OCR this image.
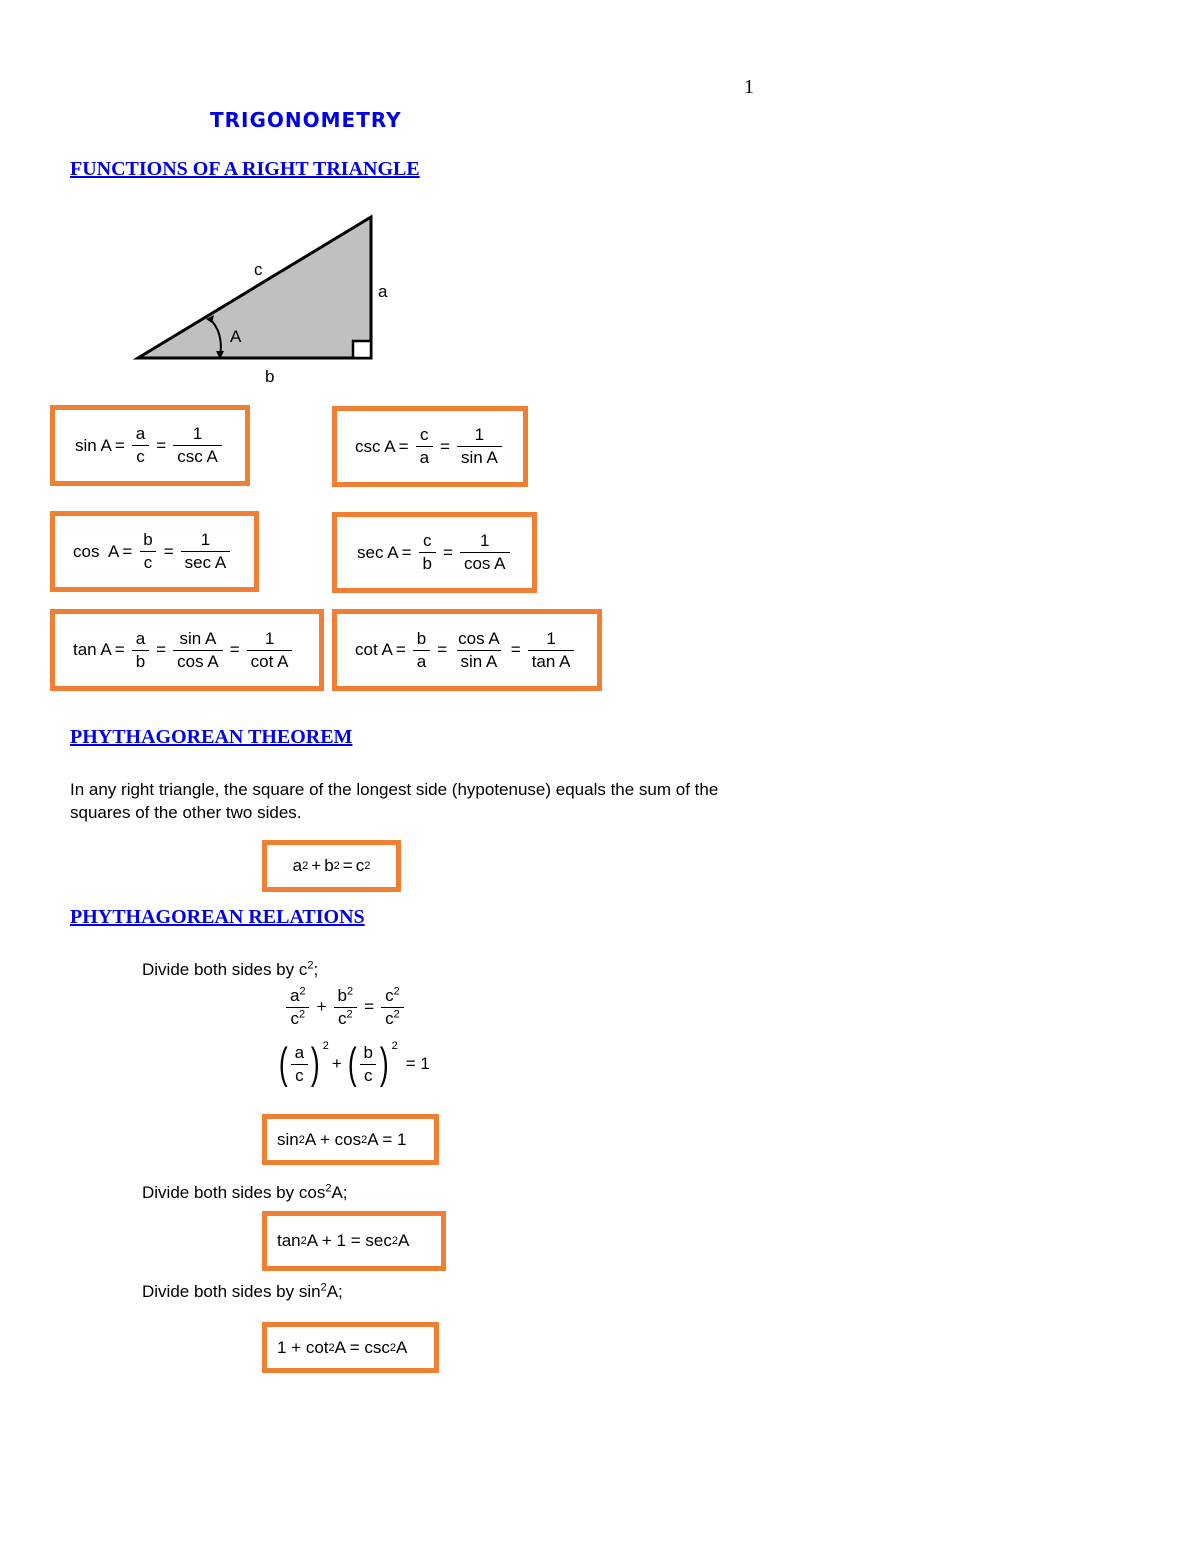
1
TRIGONOMETRY
FUNCTIONS OF A RIGHT TRIANGLE
c
a
A
b
$\sin A = \frac{a}{c} = \frac{1}{\text{csc A}}$	$\csc A = \frac{c}{a} = \frac{1}{\text{sin A}}$
$\cos A = \frac{b}{c} = \frac{1}{\text{sec A}}$	$\sec A = \frac{c}{b} = \frac{1}{\text{cos A}}$
$\tan A = \frac{a}{b} = \frac{\text{sin A}}{\text{cos A}} = \frac{1}{\text{cot A}}$	$\cot A = \frac{b}{a} = \frac{\text{cos A}}{\text{sin A}} = \frac{1}{\text{tan A}}$
PHYTHAGOREAN THEOREM
In any right triangle, the square of the longest side (hypotenuse) equals the sum of the squares of the other two sides.
a 2 + b 2 = c 2
PHYTHAGOREAN RELATIONS
Divide both sides by $c^2$;
$\frac{a^2}{c^2} + \frac{b^2}{c^2} = \frac{c^2}{c^2}$
( $\frac{a}{c}$ ) 2
+ ( $\frac{b}{c}$ ) 2
= 1
sin 2 A + cos 2 A = 1
Divide both sides by $\cos^2A$;
tan 2 A + 1 = sec 2 A
Divide both sides by $\sin^2A$;
1 + cot 2 A = csc 2 A
